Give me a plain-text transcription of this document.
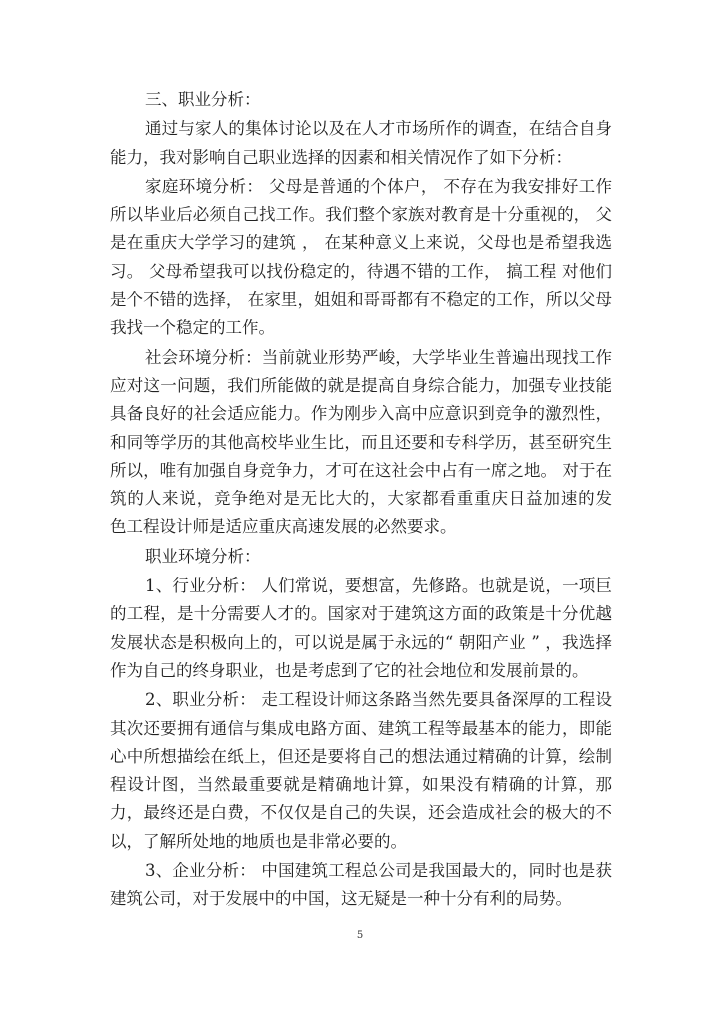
三、职业分析：
通过与家人的集体讨论以及在人才市场所作的调查，在结合自身
能力，我对影响自己职业选择的因素和相关情况作了如下分析：
家庭环境分析： 父母是普通的个体户， 不存在为我安排好工作
所以毕业后必须自己找工作。我们整个家族对教育是十分重视的， 父
是在重庆大学学习的建筑 ， 在某种意义上来说，父母也是希望我选
习。 父母希望我可以找份稳定的，待遇不错的工作， 搞工程 对他们
是个不错的选择， 在家里，姐姐和哥哥都有不稳定的工作，所以父母
我找一个稳定的工作。
社会环境分析：当前就业形势严峻，大学毕业生普遍出现找工作
应对这一问题，我们所能做的就是提高自身综合能力，加强专业技能
具备良好的社会适应能力。作为刚步入高中应意识到竞争的激烈性，
和同等学历的其他高校毕业生比，而且还要和专科学历，甚至研究生
所以，唯有加强自身竞争力，才可在这社会中占有一席之地。 对于在
筑的人来说，竞争绝对是无比大的，大家都看重重庆日益加速的发
色工程设计师是适应重庆高速发展的必然要求。
职业环境分析：
1、行业分析： 人们常说，要想富，先修路。也就是说，一项巨
的工程，是十分需要人才的。国家对于建筑这方面的政策是十分优越
发展状态是积极向上的，可以说是属于永远的“ 朝阳产业 ” ，我选择
作为自己的终身职业，也是考虑到了它的社会地位和发展前景的。
2、职业分析： 走工程设计师这条路当然先要具备深厚的工程设
其次还要拥有通信与集成电路方面、建筑工程等最基本的能力，即能
心中所想描绘在纸上，但还是要将自己的想法通过精确的计算，绘制
程设计图，当然最重要就是精确地计算，如果没有精确的计算，那
力，最终还是白费，不仅仅是自己的失误，还会造成社会的极大的不
以，了解所处地的地质也是非常必要的。
3、企业分析： 中国建筑工程总公司是我国最大的，同时也是获
建筑公司，对于发展中的中国，这无疑是一种十分有利的局势。
5
